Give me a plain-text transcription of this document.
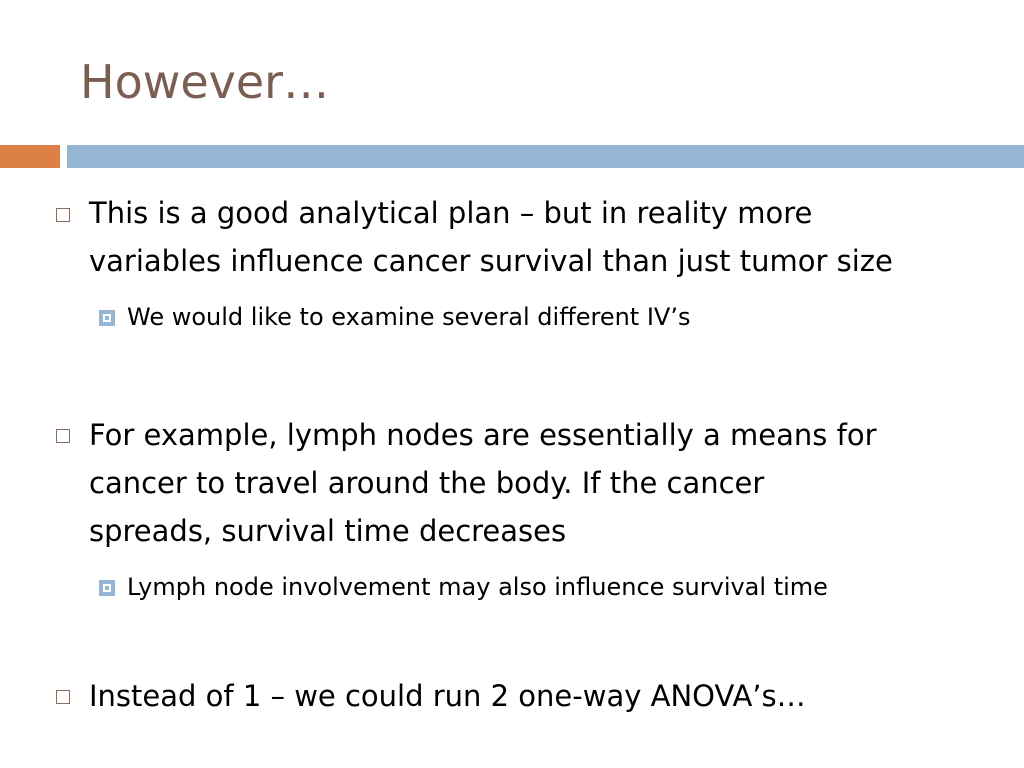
However…
This is a good analytical plan – but in reality more
variables influence cancer survival than just tumor size
We would like to examine several different IV’s
For example, lymph nodes are essentially a means for
cancer to travel around the body. If the cancer
spreads, survival time decreases
Lymph node involvement may also influence survival time
Instead of 1 – we could run 2 one-way ANOVA’s…
